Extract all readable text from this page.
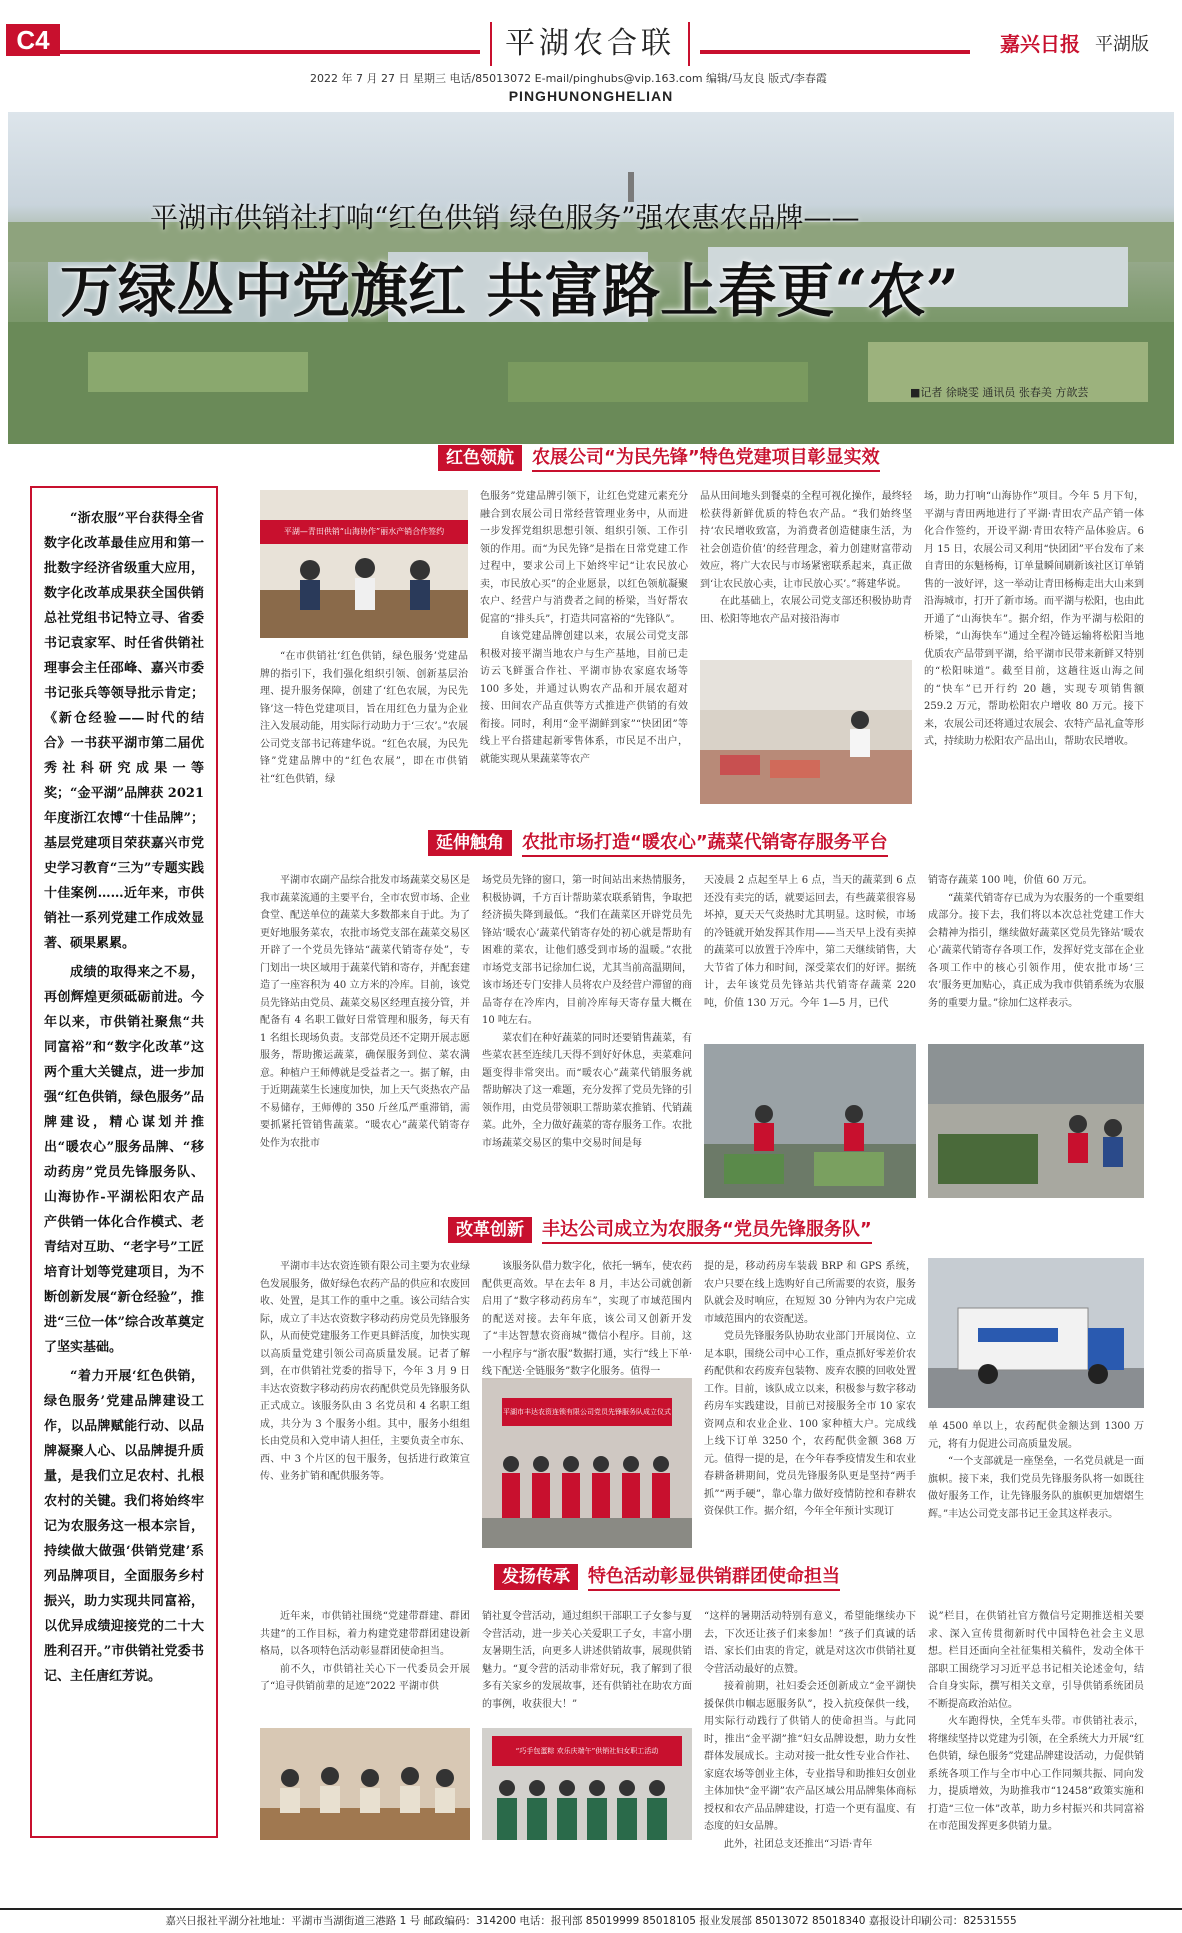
C4	平湖农合联	嘉兴日报 平湖版
2022 年 7 月 27 日 星期三 电话/85013072 E-mail/pinghubs@vip.163.com 编辑/马友良 版式/李春霞
PINGHUNONGHELIAN
平湖市供销社打响“红色供销 绿色服务”强农惠农品牌——
万绿丛中党旗红 共富路上春更“农”
■记者 徐晓雯 通讯员 张春美 方歆芸

“浙农服”平台获得全省数字化改革最佳应用和第一批数字经济省级重大应用，数字化改革成果获全国供销总社党组书记特立寻、省委书记袁家军、时任省供销社理事会主任邵峰、嘉兴市委书记张兵等领导批示肯定；《新仓经验——时代的结合》一书获平湖市第二届优秀社科研究成果一等奖；“金平湖”品牌获 2021 年度浙江农博“十佳品牌”；基层党建项目荣获嘉兴市党史学习教育“三为”专题实践十佳案例……近年来，市供销社一系列党建工作成效显著、硕果累累。

成绩的取得来之不易，再创辉煌更须砥砺前进。今年以来，市供销社聚焦“共同富裕”和“数字化改革”这两个重大关键点，进一步加强“红色供销，绿色服务”品牌建设，精心谋划并推出“暖农心”服务品牌、“移动药房”党员先锋服务队、山海协作-平湖松阳农产品产供销一体化合作模式、老青结对互助、“老字号”工匠培育计划等党建项目，为不断创新发展“新仓经验”，推进“三位一体”综合改革奠定了坚实基础。

“着力开展‘红色供销，绿色服务’党建品牌建设工作，以品牌赋能行动、以品牌凝聚人心、以品牌提升质量，是我们立足农村、扎根农村的关键。我们将始终牢记为农服务这一根本宗旨，持续做大做强‘供销党建’系列品牌项目，全面服务乡村振兴，助力实现共同富裕，以优异成绩迎接党的二十大胜利召开。”市供销社党委书记、主任唐红芳说。

红色领航 农展公司“为民先锋”特色党建项目彰显实效
平湖—青田供销“山海协作”丽水产销合作签约

“在市供销社‘红色供销，绿色服务’党建品牌的指引下，我们强化组织引领、创新基层治理、提升服务保障，创建了‘红色农展，为民先锋’这一特色党建项目，旨在用红色力量为企业注入发展动能，用实际行动助力于‘三农’。”农展公司党支部书记蒋建华说。“红色农展，为民先锋”党建品牌中的“红色农展”，即在市供销社“红色供销，绿

色服务”党建品牌引领下，让红色党建元素充分融合到农展公司日常经营管理业务中，从而进一步发挥党组织思想引领、组织引领、工作引领的作用。而“为民先锋”是指在日常党建工作过程中，要求公司上下始终牢记“让农民放心卖，市民放心买”的企业愿景，以红色领航凝聚农户、经营户与消费者之间的桥梁，当好帮农促富的“排头兵”，打造共同富裕的“先锋队”。

自该党建品牌创建以来，农展公司党支部积极对接平湖当地农户与生产基地，目前已走访云飞鲜蛋合作社、平湖市协农家庭农场等 100 多处，并通过认购农产品和开展农超对接、田间农产品直供等方式推进产供销的有效衔接。同时，利用“金平湖鲜到家”“快团团”等线上平台搭建起新零售体系，市民足不出户，就能实现从果蔬菜等农产

品从田间地头到餐桌的全程可视化操作，最终轻松获得新鲜优质的特色农产品。“我们始终坚持‘农民增收致富，为消费者创造健康生活，为社会创造价值’的经营理念，着力创建财富带动效应，将广大农民与市场紧密联系起来，真正做到‘让农民放心卖，让市民放心买’。”蒋建华说。

在此基础上，农展公司党支部还积极协助青田、松阳等地农产品对接沿海市

场，助力打响“山海协作”项目。今年 5 月下旬，平湖与青田两地进行了平湖·青田农产品产销一体化合作签约，开设平湖·青田农特产品体验店。6 月 15 日，农展公司又利用“快团团”平台发布了来自青田的东魁杨梅，订单量瞬间刷新该社区订单销售的一波好评，这一举动让青田杨梅走出大山来到沿海城市，打开了新市场。而平湖与松阳，也由此开通了“山海快车”。据介绍，作为平湖与松阳的桥梁，“山海快车”通过全程冷链运输将松阳当地优质农产品带到平湖，给平湖市民带来新鲜又特别的“松阳味道”。截至目前，这趟往返山海之间的“快车”已开行约 20 趟，实现专项销售额 259.2 万元，帮助松阳农户增收 80 万元。接下来，农展公司还将通过农展会、农特产品礼盒等形式，持续助力松阳农产品出山，帮助农民增收。

延伸触角 农批市场打造“暖农心”蔬菜代销寄存服务平台

平湖市农副产品综合批发市场蔬菜交易区是我市蔬菜流通的主要平台，全市农贸市场、企业食堂、配送单位的蔬菜大多数都来自于此。为了更好地服务菜农，农批市场党支部在蔬菜交易区开辟了一个党员先锋站“蔬菜代销寄存处”，专门划出一块区域用于蔬菜代销和寄存，并配套建造了一座容积为 40 立方米的冷库。目前，该党员先锋站由党员、蔬菜交易区经理直接分管，并配备有 4 名职工做好日常管理和服务，每天有 1 名组长现场负责。支部党员还不定期开展志愿服务，帮助搬运蔬菜，确保服务到位、菜农满意。种植户王师傅就是受益者之一。据了解，由于近期蔬菜生长速度加快，加上天气炎热农产品不易储存，王师傅的 350 斤丝瓜严重滞销，需要抓紧托管销售蔬菜。“暖农心”蔬菜代销寄存处作为农批市

场党员先锋的窗口，第一时间站出来热情服务，积极协调，千方百计帮助菜农联系销售，争取把经济损失降到最低。“我们在蔬菜区开辟党员先锋站‘暖农心’蔬菜代销寄存处的初心就是帮助有困难的菜农，让他们感受到市场的温暖。”农批市场党支部书记徐加仁说，尤其当前高温期间，该市场还专门安排人员将农户及经营户滞留的商品寄存在冷库内，目前冷库每天寄存量大概在 10 吨左右。

菜农们在种好蔬菜的同时还要销售蔬菜，有些菜农甚至连续几天得不到好好休息，卖菜难问题变得非常突出。而“暖农心”蔬菜代销服务就帮助解决了这一难题，充分发挥了党员先锋的引领作用，由党员带领职工帮助菜农推销、代销蔬菜。此外，全力做好蔬菜的寄存服务工作。农批市场蔬菜交易区的集中交易时间是每

天凌晨 2 点起至早上 6 点，当天的蔬菜到 6 点还没有卖完的话，就要运回去，有些蔬菜很容易坏掉，夏天天气炎热时尤其明显。这时候，市场的冷链就开始发挥其作用——当天早上没有卖掉的蔬菜可以放置于冷库中，第二天继续销售，大大节省了体力和时间，深受菜农们的好评。据统计，去年该党员先锋站共代销寄存蔬菜 220 吨，价值 130 万元。今年 1—5 月，已代

销寄存蔬菜 100 吨，价值 60 万元。

“蔬菜代销寄存已成为为农服务的一个重要组成部分。接下去，我们将以本次总社党建工作大会精神为指引，继续做好蔬菜区党员先锋站‘暖农心’蔬菜代销寄存各项工作，发挥好党支部在企业各项工作中的核心引领作用，使农批市场‘三农’服务更加贴心，真正成为我市供销系统为农服务的重要力量。”徐加仁这样表示。

改革创新 丰达公司成立为农服务“党员先锋服务队”

平湖市丰达农资连锁有限公司主要为农业绿色发展服务，做好绿色农药产品的供应和农废回收、处置，是其工作的重中之重。该公司结合实际，成立了丰达农资数字移动药房党员先锋服务队，从而使党建服务工作更具鲜活度，加快实现以高质量党建引领公司高质量发展。记者了解到，在市供销社党委的指导下，今年 3 月 9 日丰达农资数字移动药房农药配供党员先锋服务队正式成立。该服务队由 3 名党员和 4 名职工组成，共分为 3 个服务小组。其中，服务小组组长由党员和入党申请人担任，主要负责全市东、西、中 3 个片区的包干服务，包括进行政策宣传、业务扩销和配供服务等。

该服务队借力数字化，依托一辆车，使农药配供更高效。早在去年 8 月，丰达公司就创新启用了“数字移动药房车”，实现了市域范围内的配送对接。去年年底，该公司又创新开发了“丰达智慧农资商城”微信小程序。目前，这一小程序与“浙农服”数据打通，实行“线上下单·线下配送·全链服务”数字化服务。值得一

平湖市丰达农资连锁有限公司党员先锋服务队成立仪式

提的是，移动药房车装载 BRP 和 GPS 系统，农户只要在线上选购好自己所需要的农资，服务队就会及时响应，在短短 30 分钟内为农户完成市域范围内的农资配送。

党员先锋服务队协助农业部门开展岗位、立足本职，围绕公司中心工作，重点抓好零差价农药配供和农药废弃包装物、废弃农膜的回收处置工作。目前，该队成立以来，积极参与数字移动药房车实践建设，目前已对接服务全市 10 家农资网点和农业企业、100 家种植大户。完成线上线下订单 3250 个，农药配供金额 368 万元。值得一提的是，在今年春季疫情发生和农业春耕备耕期间，党员先锋服务队更是坚持“两手抓”“两手硬”，靠心靠力做好疫情防控和春耕农资保供工作。据介绍，今年全年预计实现订

单 4500 单以上，农药配供金额达到 1300 万元，将有力促进公司高质量发展。

“一个支部就是一座堡垒，一名党员就是一面旗帜。接下来，我们党员先锋服务队将一如既往做好服务工作，让先锋服务队的旗帜更加熠熠生辉。”丰达公司党支部书记王金其这样表示。

发扬传承 特色活动彰显供销群团使命担当

近年来，市供销社围绕“党建带群建、群团共建”的工作目标，着力构建党建带群团建设新格局，以各项特色活动彰显群团使命担当。

前不久，市供销社关心下一代委员会开展了“追寻供销前辈的足迹”2022 平湖市供

销社夏令营活动，通过组织干部职工子女参与夏令营活动，进一步关心关爱职工子女，丰富小朋友暑期生活，向更多人讲述供销故事，展现供销魅力。“夏令营的活动非常好玩，我了解到了很多有关家乡的发展故事，还有供销社在助农方面的事例，收获很大！”

“巧手包蛋粽 欢乐庆端午”供销社妇女职工活动

“这样的暑期活动特别有意义，希望能继续办下去，下次还让孩子们来参加！”孩子们真诚的话语、家长们由衷的肯定，就是对这次市供销社夏令营活动最好的点赞。

接着前期，社妇委会还创新成立“金平湖快援保供巾帼志愿服务队”，投入抗疫保供一线，用实际行动践行了供销人的使命担当。与此同时，推出“金平湖”推“妇女品牌设想，助力女性群体发展成长。主动对接一批女性专业合作社、家庭农场等创业主体，专业指导和助推妇女创业主体加快“金平湖”农产品区域公用品牌集体商标授权和农产品品牌建设，打造一个更有温度、有态度的妇女品牌。

此外，社团总支还推出“习语·青年

说”栏目，在供销社官方微信号定期推送相关要求、深入宣传贯彻新时代中国特色社会主义思想。栏目还面向全社征集相关稿件，发动全体干部职工围绕学习习近平总书记相关论述金句，结合自身实际，撰写相关文章，引导供销系统团员不断提高政治站位。

火车跑得快，全凭车头带。市供销社表示，将继续坚持以党建为引领，在全系统大力开展“红色供销，绿色服务”党建品牌建设活动，力促供销系统各项工作与全市中心工作同频共振、同向发力，提质增效，为助推我市“12458”政策实施和打造“三位一体”改革，助力乡村振兴和共同富裕在市范围发挥更多供销力量。

嘉兴日报社平湖分社地址：平湖市当湖街道三港路 1 号 邮政编码：314200 电话：报刊部 85019999 85018105 报业发展部 85013072 85018340 嘉报设计印刷公司：82531555
